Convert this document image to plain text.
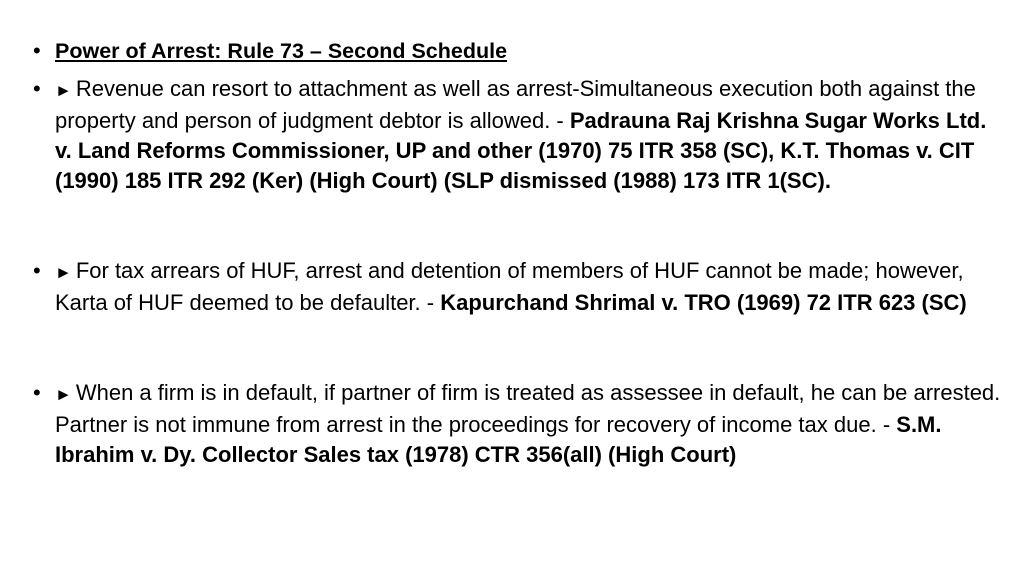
• Power of Arrest: Rule 73 – Second Schedule
• ► Revenue can resort to attachment as well as arrest-Simultaneous execution both against the property and person of judgment debtor is allowed. - Padrauna Raj Krishna Sugar Works Ltd. v. Land Reforms Commissioner, UP and other (1970) 75 ITR 358 (SC), K.T. Thomas v. CIT (1990) 185 ITR 292 (Ker) (High Court) (SLP dismissed (1988) 173 ITR 1(SC).
• ► For tax arrears of HUF, arrest and detention of members of HUF cannot be made; however, Karta of HUF deemed to be defaulter. - Kapurchand Shrimal v. TRO (1969) 72 ITR 623 (SC)
• ► When a firm is in default, if partner of firm is treated as assessee in default, he can be arrested. Partner is not immune from arrest in the proceedings for recovery of income tax due. - S.M. Ibrahim v. Dy. Collector Sales tax (1978) CTR 356(all) (High Court)
